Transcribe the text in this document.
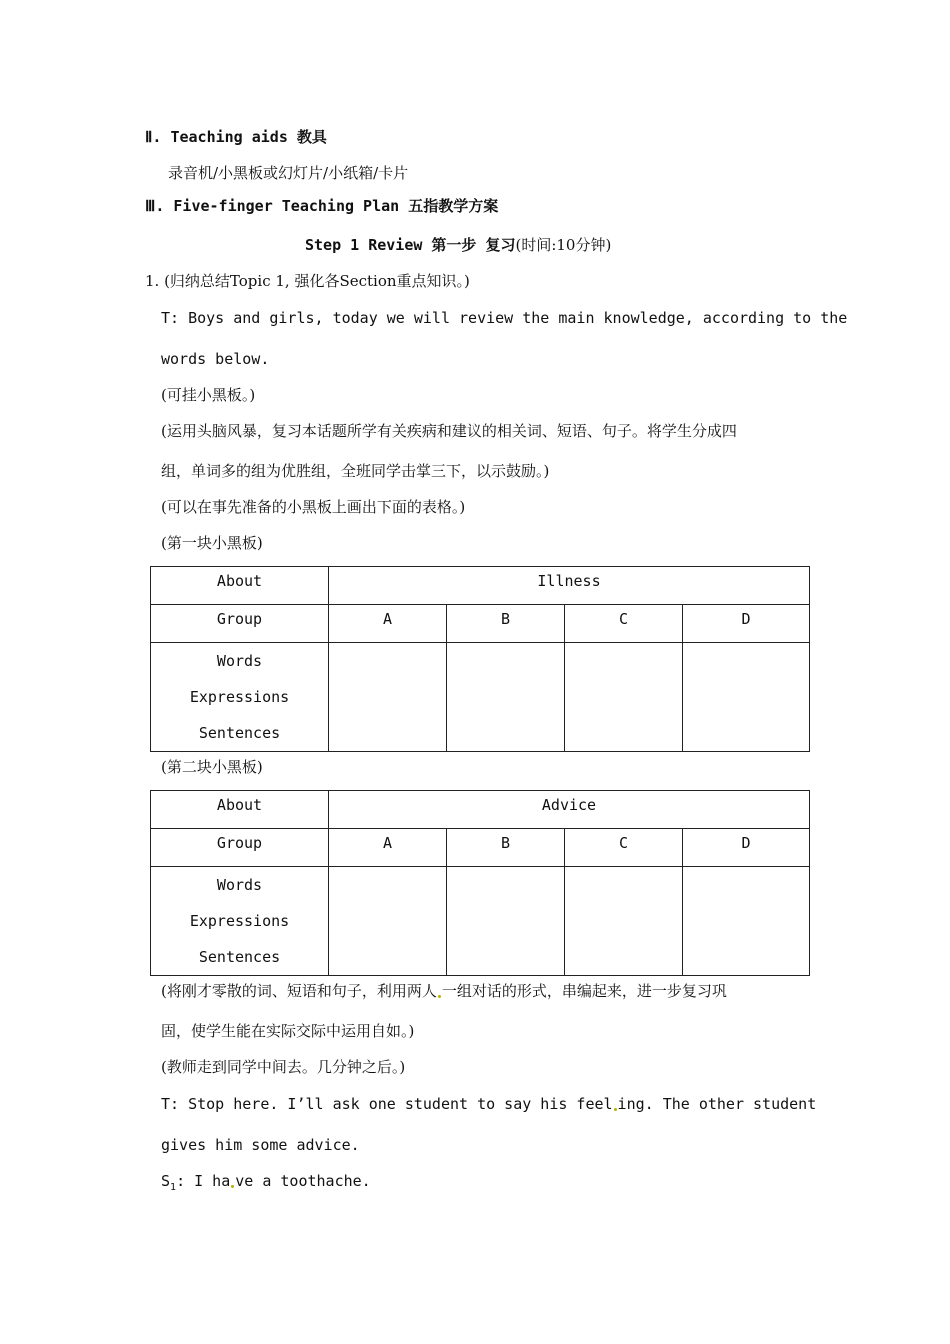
Ⅱ. Teaching aids 教具
录音机/小黑板或幻灯片/小纸箱/卡片
Ⅲ. Five-finger Teaching Plan 五指教学方案
Step 1 Review 第一步 复习(时间:10分钟)
1. (归纳总结Topic 1, 强化各Section重点知识。)
T: Boys and girls, today we will review the main knowledge, according to the
words below.
(可挂小黑板。)
(运用头脑风暴，复习本话题所学有关疾病和建议的相关词、短语、句子。将学生分成四
组，单词多的组为优胜组，全班同学击掌三下，以示鼓励。)
(可以在事先准备的小黑板上画出下面的表格。)
(第一块小黑板)
About	Illness			
Group	A	B	C	D

Words
Expressions
Sentences				

(第二块小黑板)
About	Advice			
Group	A	B	C	D

Words
Expressions
Sentences				

(将刚才零散的词、短语和句子，利用两人 一组对话的形式，串编起来，进一步复习巩
固，使学生能在实际交际中运用自如。)
(教师走到同学中间去。几分钟之后。)
T: Stop here. I’ll ask one student to say his feel ing. The other student
gives him some advice.
$S_1$: I ha ve a toothache.
